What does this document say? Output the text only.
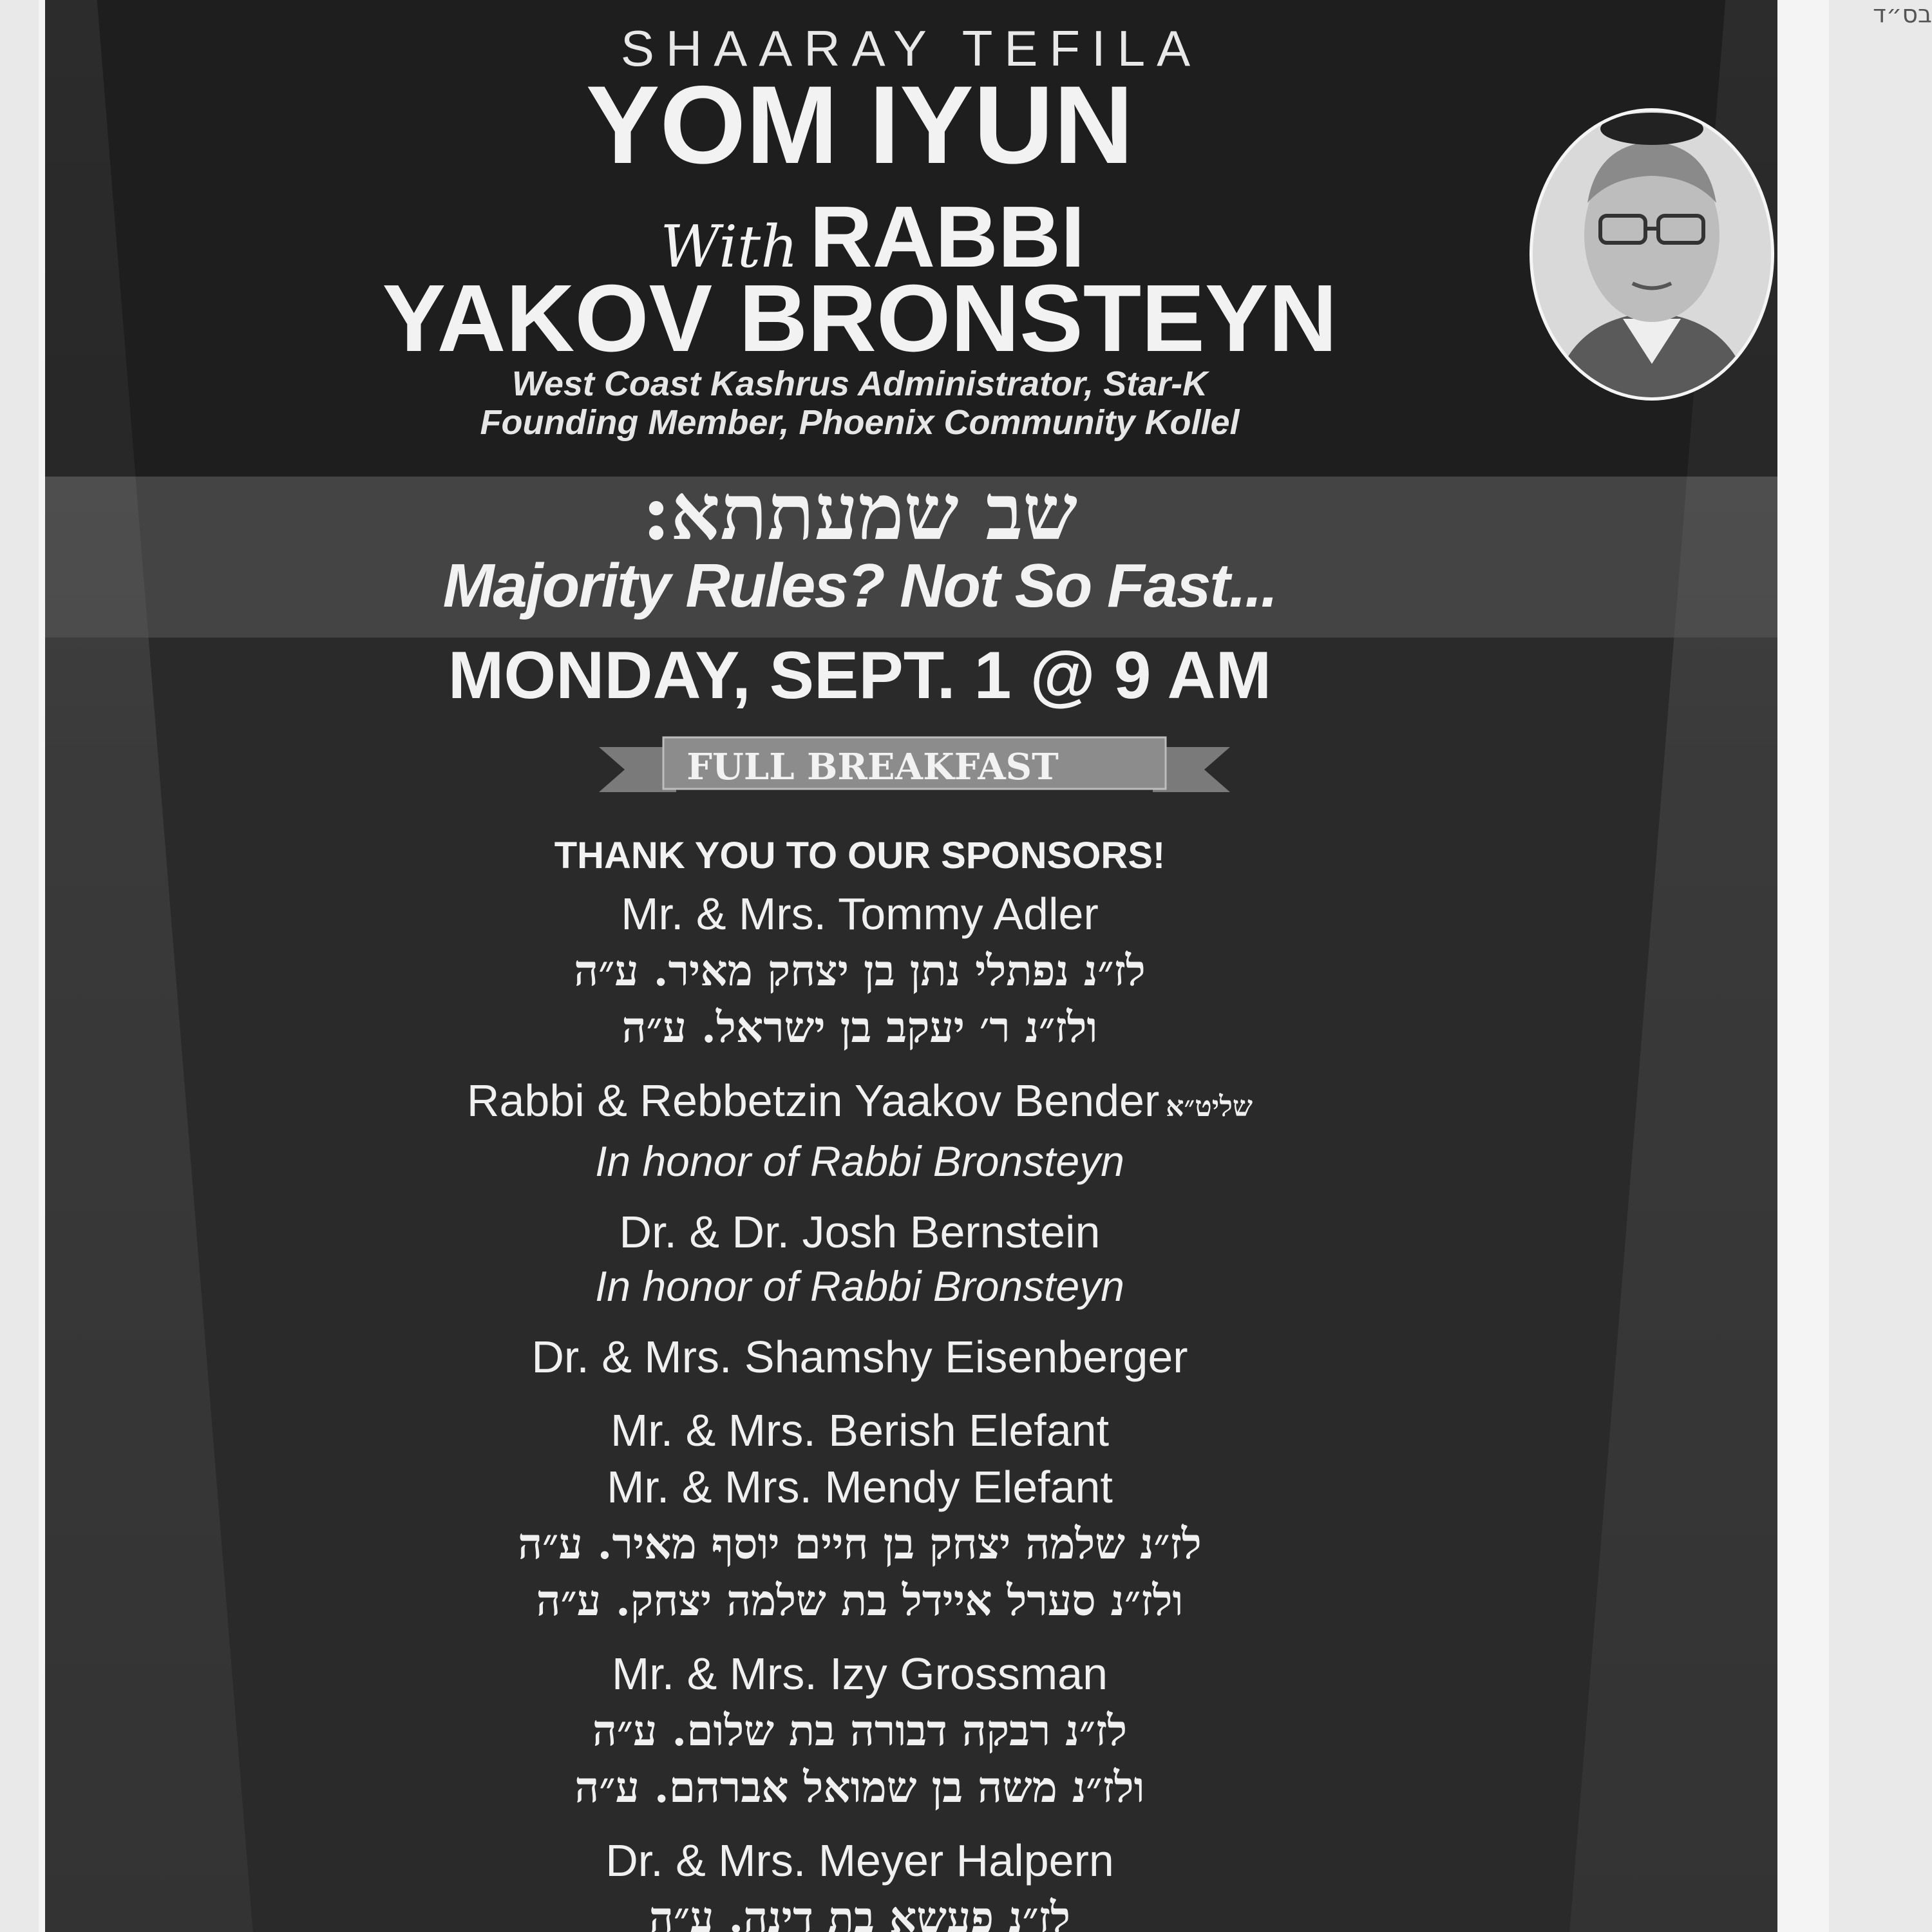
SHAARAY TEFILA
YOM IYUN
With RABBI
YAKOV BRONSTEYN
West Coast Kashrus Administrator, Star-K
Founding Member, Phoenix Community Kollel
שב שמעתתא:
Majority Rules? Not So Fast...
MONDAY, SEPT. 1 @ 9 AM
FULL BREAKFAST
THANK YOU TO OUR SPONSORS!
Mr. & Mrs. Tommy Adler
לז״נ נפתלי נתן בן יצחק מאיר. ע״ה
ולז״נ ר׳ יעקב בן ישראל. ע״ה
Rabbi & Rebbetzin Yaakov Bender שליט״א
In honor of Rabbi Bronsteyn
Dr. & Dr. Josh Bernstein
In honor of Rabbi Bronsteyn
Dr. & Mrs. Shamshy Eisenberger
Mr. & Mrs. Berish Elefant
Mr. & Mrs. Mendy Elefant
לז״נ שלמה יצחק בן חיים יוסף מאיר. ע״ה
ולז״נ סערל איידל בת שלמה יצחק. ע״ה
Mr. & Mrs. Izy Grossman
לז״נ רבקה דבורה בת שלום. ע״ה
ולז״נ משה בן שמואל אברהם. ע״ה
Dr. & Mrs. Meyer Halpern
לז״נ פעשא בת דינה. ע״ה
בס״ד
